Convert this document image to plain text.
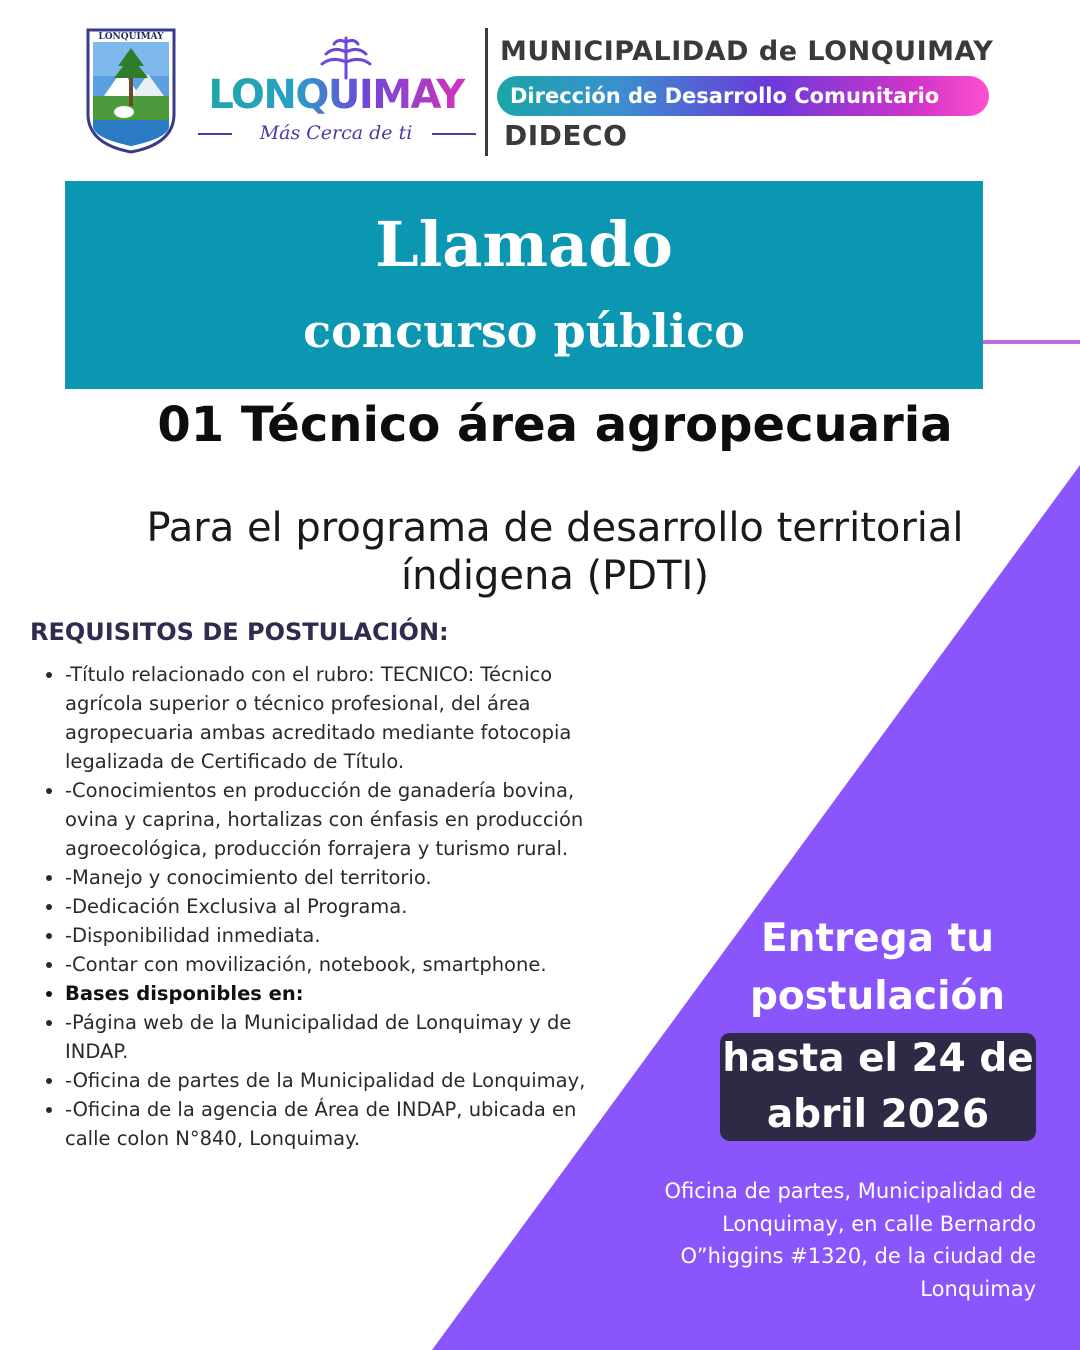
LONQUIMAY
LONQUIMAY
Más Cerca de ti
MUNICIPALIDAD de LONQUIMAY
Dirección de Desarrollo Comunitario
DIDECO
Llamado
concurso público
01 Técnico área agropecuaria
Para el programa de desarrollo territorial
índigena (PDTI)
REQUISITOS DE POSTULACIÓN:
• -Título relacionado con el rubro: TECNICO: Técnico agrícola superior o técnico profesional, del área agropecuaria ambas acreditado mediante fotocopia legalizada de Certificado de Título.
• -Conocimientos en producción de ganadería bovina, ovina y caprina, hortalizas con énfasis en producción agroecológica, producción forrajera y turismo rural.
• -Manejo y conocimiento del territorio.
• -Dedicación Exclusiva al Programa.
• -Disponibilidad inmediata.
• -Contar con movilización, notebook, smartphone.
• Bases disponibles en:
• -Página web de la Municipalidad de Lonquimay y de INDAP.
• -Oficina de partes de la Municipalidad de Lonquimay,
• -Oficina de la agencia de Área de INDAP, ubicada en calle colon N°840, Lonquimay.
Entrega tu
postulación
hasta el 24 de
abril 2026
Oficina de partes, Municipalidad de
Lonquimay, en calle Bernardo
O”higgins #1320, de la ciudad de
Lonquimay
